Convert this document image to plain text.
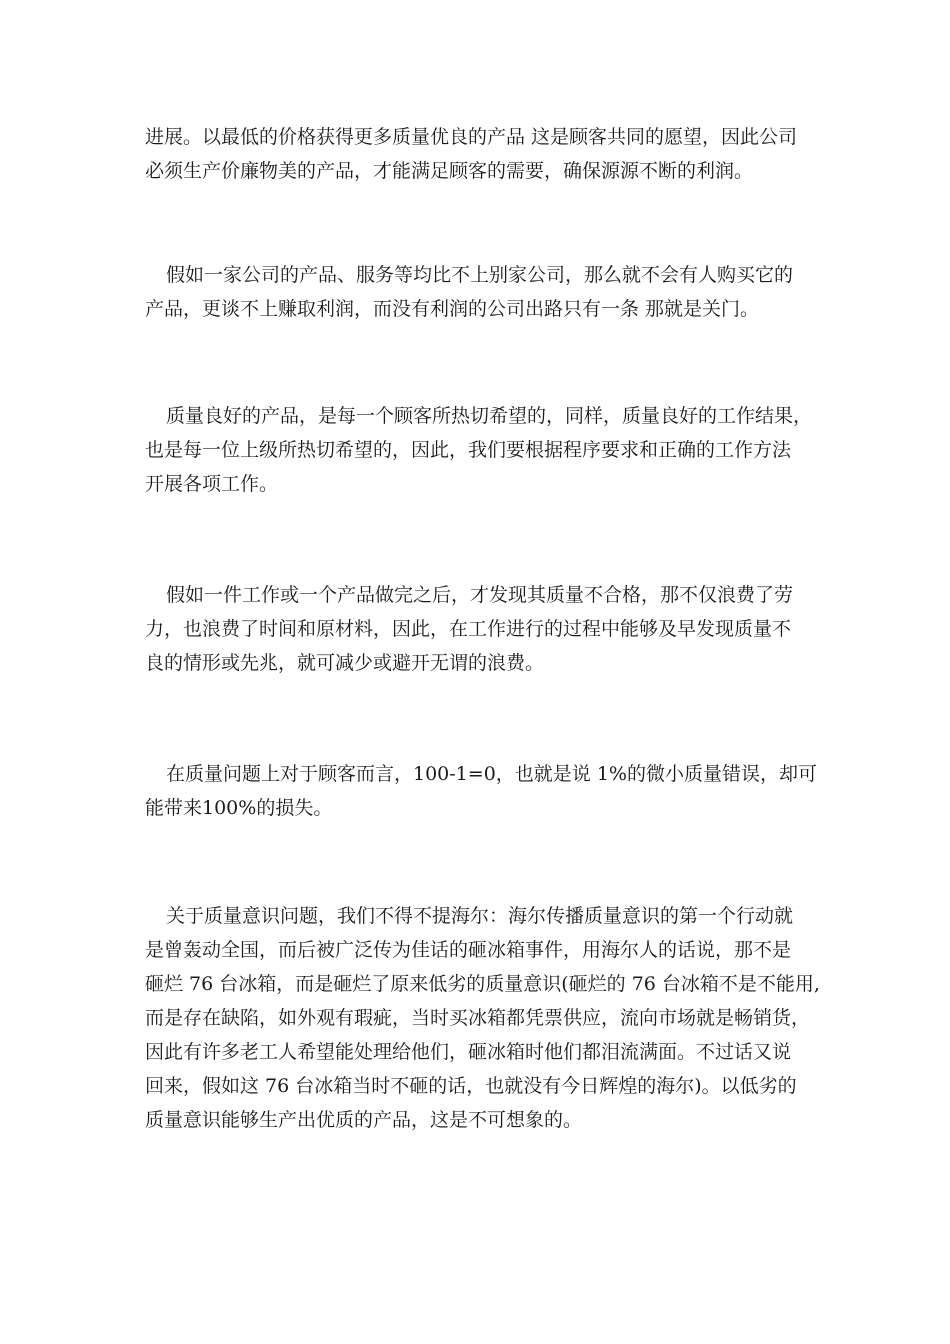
进展。以最低的价格获得更多质量优良的产品 这是顾客共同的愿望，因此公司
必须生产价廉物美的产品，才能满足顾客的需要，确保源源不断的利润。
假如一家公司的产品、服务等均比不上别家公司，那么就不会有人购买它的
产品，更谈不上赚取利润，而没有利润的公司出路只有一条 那就是关门。
质量良好的产品，是每一个顾客所热切希望的，同样，质量良好的工作结果，
也是每一位上级所热切希望的，因此，我们要根据程序要求和正确的工作方法
开展各项工作。
假如一件工作或一个产品做完之后，才发现其质量不合格，那不仅浪费了劳
力，也浪费了时间和原材料，因此，在工作进行的过程中能够及早发现质量不
良的情形或先兆，就可减少或避开无谓的浪费。
在质量问题上对于顾客而言，100-1=0，也就是说 1%的微小质量错误，却可
能带来100%的损失。
关于质量意识问题，我们不得不提海尔：海尔传播质量意识的第一个行动就
是曾轰动全国，而后被广泛传为佳话的砸冰箱事件，用海尔人的话说，那不是
砸烂 76 台冰箱，而是砸烂了原来低劣的质量意识(砸烂的 76 台冰箱不是不能用,
而是存在缺陷，如外观有瑕疵，当时买冰箱都凭票供应，流向市场就是畅销货，
因此有许多老工人希望能处理给他们，砸冰箱时他们都泪流满面。不过话又说
回来，假如这 76 台冰箱当时不砸的话，也就没有今日辉煌的海尔)。以低劣的
质量意识能够生产出优质的产品，这是不可想象的。
